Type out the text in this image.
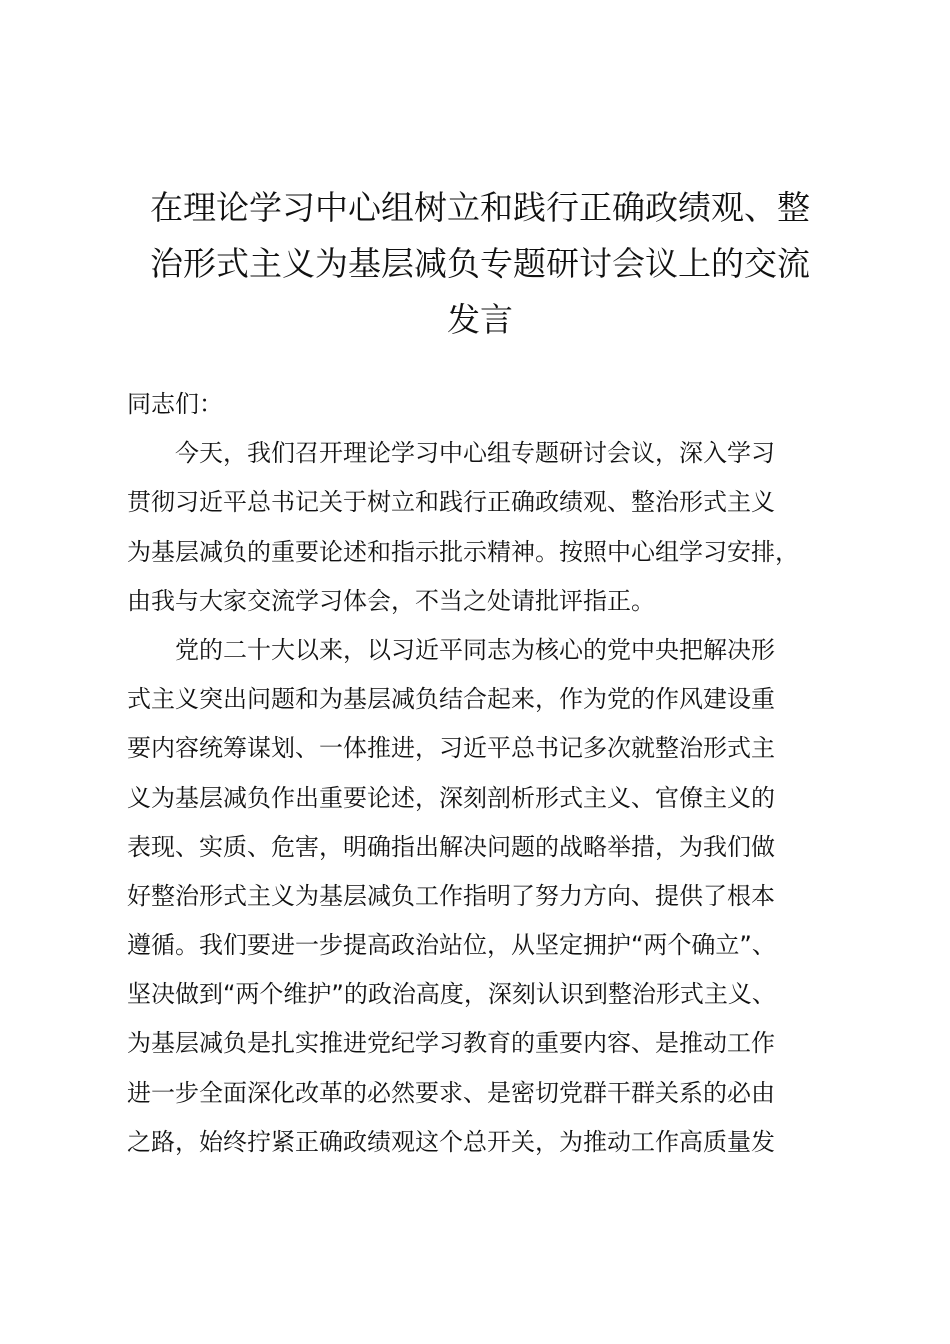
在理论学习中心组树立和践行正确政绩观、整
治形式主义为基层减负专题研讨会议上的交流
发言
同志们：
　　今天，我们召开理论学习中心组专题研讨会议，深入学习
贯彻习近平总书记关于树立和践行正确政绩观、整治形式主义
为基层减负的重要论述和指示批示精神。按照中心组学习安排，
由我与大家交流学习体会，不当之处请批评指正。
　　党的二十大以来，以习近平同志为核心的党中央把解决形
式主义突出问题和为基层减负结合起来，作为党的作风建设重
要内容统筹谋划、一体推进，习近平总书记多次就整治形式主
义为基层减负作出重要论述，深刻剖析形式主义、官僚主义的
表现、实质、危害，明确指出解决问题的战略举措，为我们做
好整治形式主义为基层减负工作指明了努力方向、提供了根本
遵循。我们要进一步提高政治站位，从坚定拥护“两个确立”、
坚决做到“两个维护”的政治高度，深刻认识到整治形式主义、
为基层减负是扎实推进党纪学习教育的重要内容、是推动工作
进一步全面深化改革的必然要求、是密切党群干群关系的必由
之路，始终拧紧正确政绩观这个总开关，为推动工作高质量发
